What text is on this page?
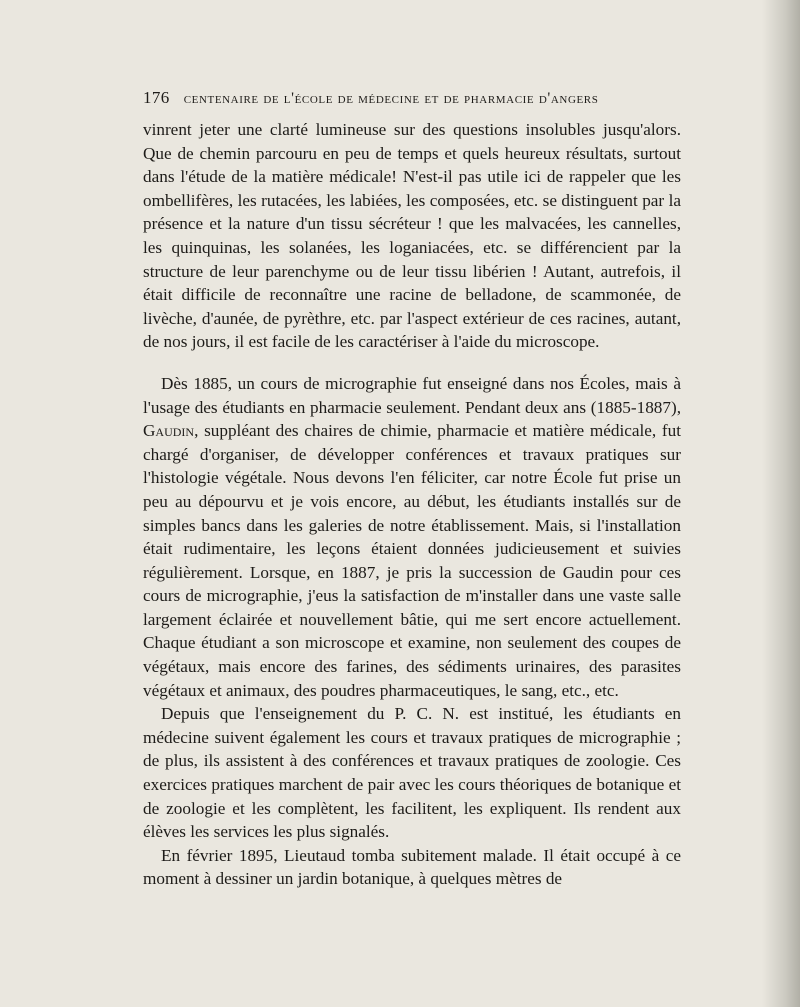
176 centenaire de l'école de médecine et de pharmacie d'angers

vinrent jeter une clarté lumineuse sur des questions insolubles jusqu'alors. Que de chemin parcouru en peu de temps et quels heureux résultats, surtout dans l'étude de la matière médicale! N'est-il pas utile ici de rappeler que les ombellifères, les rutacées, les labiées, les composées, etc. se distinguent par la présence et la nature d'un tissu sécréteur ! que les malvacées, les cannelles, les quinquinas, les solanées, les loganiacées, etc. se différencient par la structure de leur parenchyme ou de leur tissu libérien ! Autant, autrefois, il était difficile de reconnaître une racine de belladone, de scammonée, de livèche, d'aunée, de pyrèthre, etc. par l'aspect extérieur de ces racines, autant, de nos jours, il est facile de les caractériser à l'aide du microscope.

Dès 1885, un cours de micrographie fut enseigné dans nos Écoles, mais à l'usage des étudiants en pharmacie seulement. Pendant deux ans (1885-1887), Gaudin, suppléant des chaires de chimie, pharmacie et matière médicale, fut chargé d'organiser, de développer conférences et travaux pratiques sur l'histologie végétale. Nous devons l'en féliciter, car notre École fut prise un peu au dépourvu et je vois encore, au début, les étudiants installés sur de simples bancs dans les galeries de notre établissement. Mais, si l'installation était rudimentaire, les leçons étaient données judicieusement et suivies régulièrement. Lorsque, en 1887, je pris la succession de Gaudin pour ces cours de micrographie, j'eus la satisfaction de m'installer dans une vaste salle largement éclairée et nouvellement bâtie, qui me sert encore actuellement. Chaque étudiant a son microscope et examine, non seulement des coupes de végétaux, mais encore des farines, des sédiments urinaires, des parasites végétaux et animaux, des poudres pharmaceutiques, le sang, etc., etc.

Depuis que l'enseignement du P. C. N. est institué, les étudiants en médecine suivent également les cours et travaux pratiques de micrographie ; de plus, ils assistent à des conférences et travaux pratiques de zoologie. Ces exercices pratiques marchent de pair avec les cours théoriques de botanique et de zoologie et les complètent, les facilitent, les expliquent. Ils rendent aux élèves les services les plus signalés.

En février 1895, Lieutaud tomba subitement malade. Il était occupé à ce moment à dessiner un jardin botanique, à quelques mètres de
